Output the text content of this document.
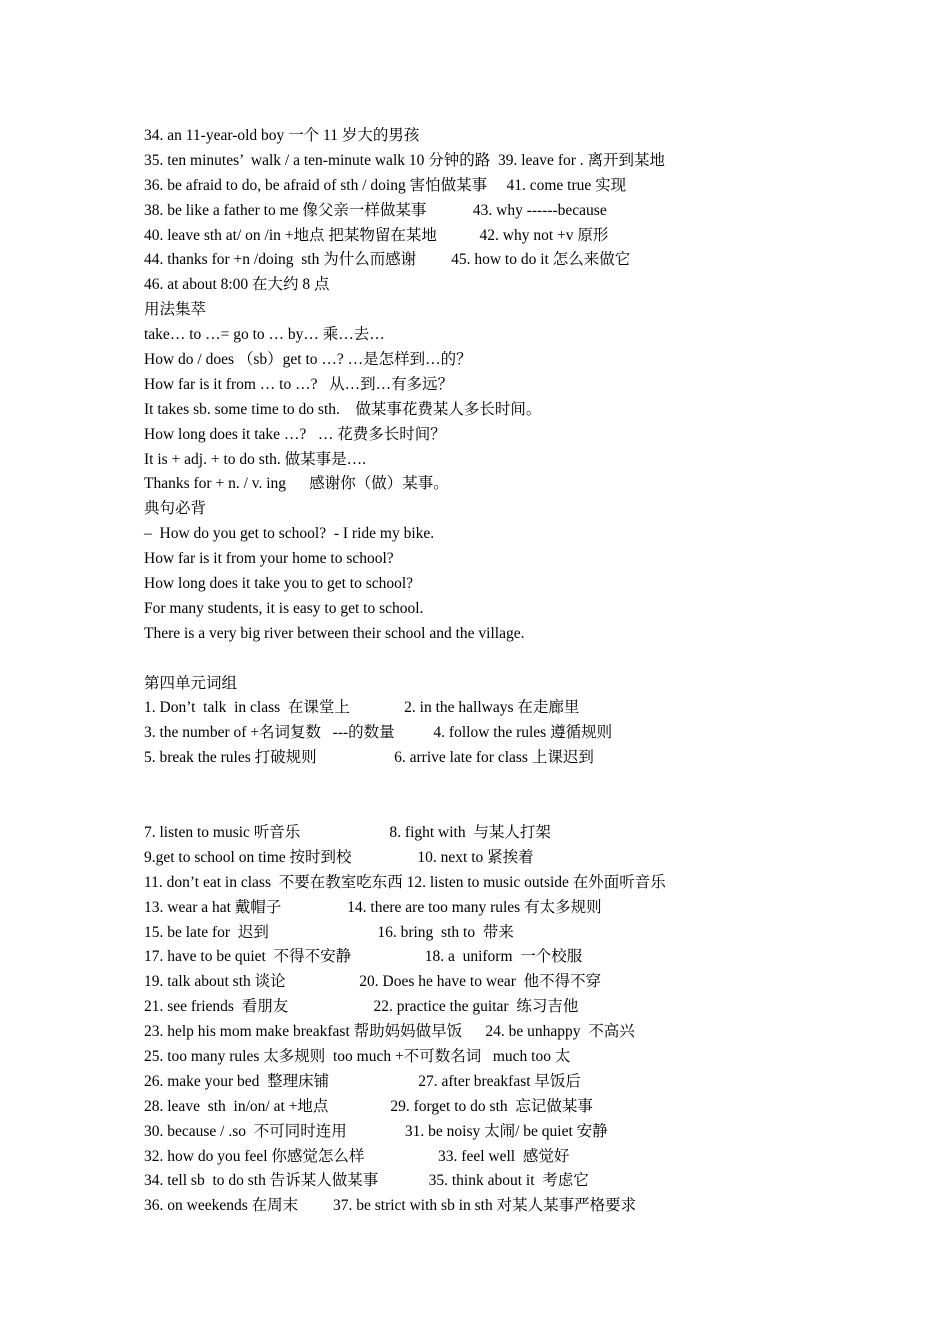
34. an 11-year-old boy 一个 11 岁大的男孩
35. ten minutes’  walk / a ten-minute walk 10 分钟的路  39. leave for . 离开到某地
36. be afraid to do, be afraid of sth / doing 害怕做某事     41. come true 实现
38. be like a father to me 像父亲一样做某事            43. why ------because
40. leave sth at/ on /in +地点 把某物留在某地           42. why not +v 原形
44. thanks for +n /doing  sth 为什么而感谢         45. how to do it 怎么来做它
46. at about 8:00 在大约 8 点
用法集萃
take… to …= go to … by… 乘…去…
How do / does （sb）get to …? …是怎样到…的？
How far is it from … to …?   从…到…有多远？
It takes sb. some time to do sth.    做某事花费某人多长时间。
How long does it take …?   … 花费多长时间？
It is + adj. + to do sth. 做某事是….
Thanks for + n. / v. ing      感谢你（做）某事。
典句必背
–  How do you get to school?  - I ride my bike.
How far is it from your home to school?
How long does it take you to get to school?
For many students, it is easy to get to school.
There is a very big river between their school and the village.
第四单元词组
1. Don’t  talk  in class  在课堂上              2. in the hallways 在走廊里
3. the number of +名词复数   ---的数量          4. follow the rules 遵循规则
5. break the rules 打破规则                    6. arrive late for class 上课迟到
7. listen to music 听音乐                       8. fight with  与某人打架
9.get to school on time 按时到校                 10. next to 紧挨着
11. don’t eat in class  不要在教室吃东西 12. listen to music outside 在外面听音乐
13. wear a hat 戴帽子                 14. there are too many rules 有太多规则
15. be late for  迟到                            16. bring  sth to  带来
17. have to be quiet  不得不安静                   18. a  uniform  一个校服
19. talk about sth 谈论                   20. Does he have to wear  他不得不穿
21. see friends  看朋友                      22. practice the guitar  练习吉他
23. help his mom make breakfast 帮助妈妈做早饭      24. be unhappy  不高兴
25. too many rules 太多规则  too much +不可数名词   much too 太
26. make your bed  整理床铺                       27. after breakfast 早饭后
28. leave  sth  in/on/ at +地点                29. forget to do sth  忘记做某事
30. because / .so  不可同时连用               31. be noisy 太闹/ be quiet 安静
32. how do you feel 你感觉怎么样                   33. feel well  感觉好
34. tell sb  to do sth 告诉某人做某事             35. think about it  考虑它
36. on weekends 在周末         37. be strict with sb in sth 对某人某事严格要求
